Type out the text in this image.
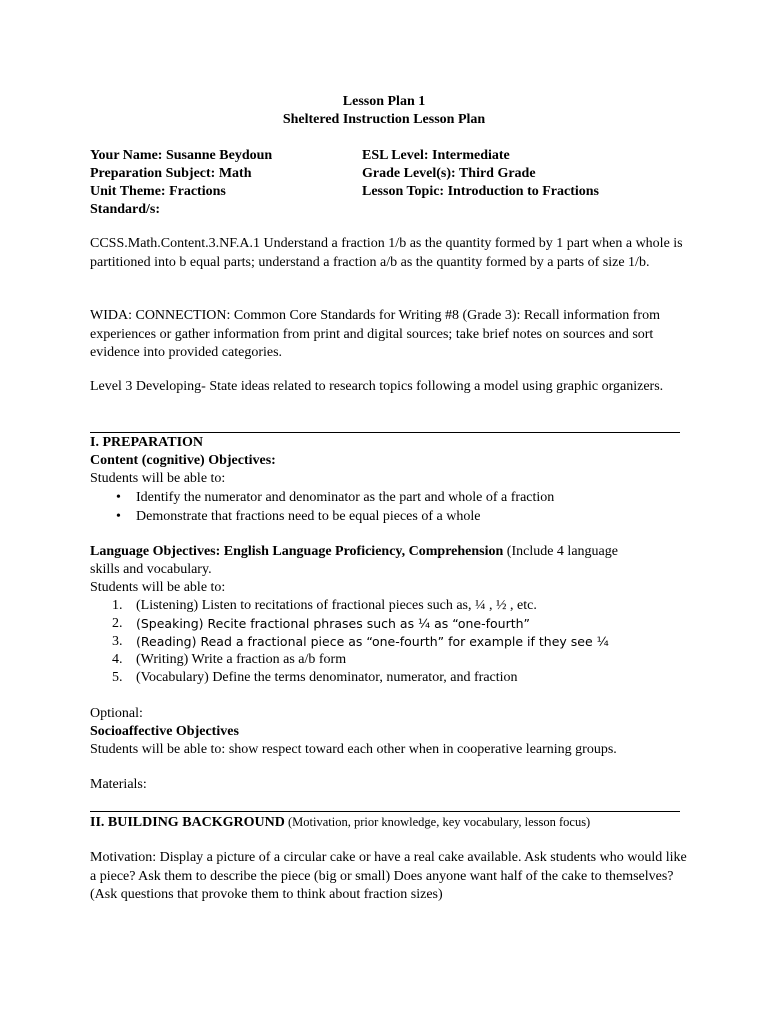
Lesson Plan 1
Sheltered Instruction Lesson Plan
Your Name: Susanne Beydoun	ESL Level: Intermediate
Preparation Subject: Math	Grade Level(s): Third Grade
Unit Theme: Fractions	Lesson Topic: Introduction to Fractions
Standard/s:
CCSS.Math.Content.3.NF.A.1 Understand a fraction 1/b as the quantity formed by 1 part when a whole is partitioned into b equal parts; understand a fraction a/b as the quantity formed by a parts of size 1/b.
WIDA: CONNECTION: Common Core Standards for Writing #8 (Grade 3): Recall information from experiences or gather information from print and digital sources; take brief notes on sources and sort evidence into provided categories.
Level 3 Developing- State ideas related to research topics following a model using graphic organizers.
I. PREPARATION
Content (cognitive) Objectives:
Students will be able to:
• Identify the numerator and denominator as the part and whole of a fraction
• Demonstrate that fractions need to be equal pieces of a whole
Language Objectives: English Language Proficiency, Comprehension (Include 4 language
skills and vocabulary.
Students will be able to:
1. (Listening) Listen to recitations of fractional pieces such as, ¼ , ½ , etc.
2. (Speaking) Recite fractional phrases such as ¼ as “one-fourth”
3. (Reading) Read a fractional piece as “one-fourth” for example if they see ¼
4. (Writing) Write a fraction as a/b form
5. (Vocabulary) Define the terms denominator, numerator, and fraction
Optional:
Socioaffective Objectives
Students will be able to: show respect toward each other when in cooperative learning groups.
Materials:
II. BUILDING BACKGROUND (Motivation, prior knowledge, key vocabulary, lesson focus)
Motivation: Display a picture of a circular cake or have a real cake available. Ask students who would like a piece? Ask them to describe the piece (big or small) Does anyone want half of the cake to themselves? (Ask questions that provoke them to think about fraction sizes)
